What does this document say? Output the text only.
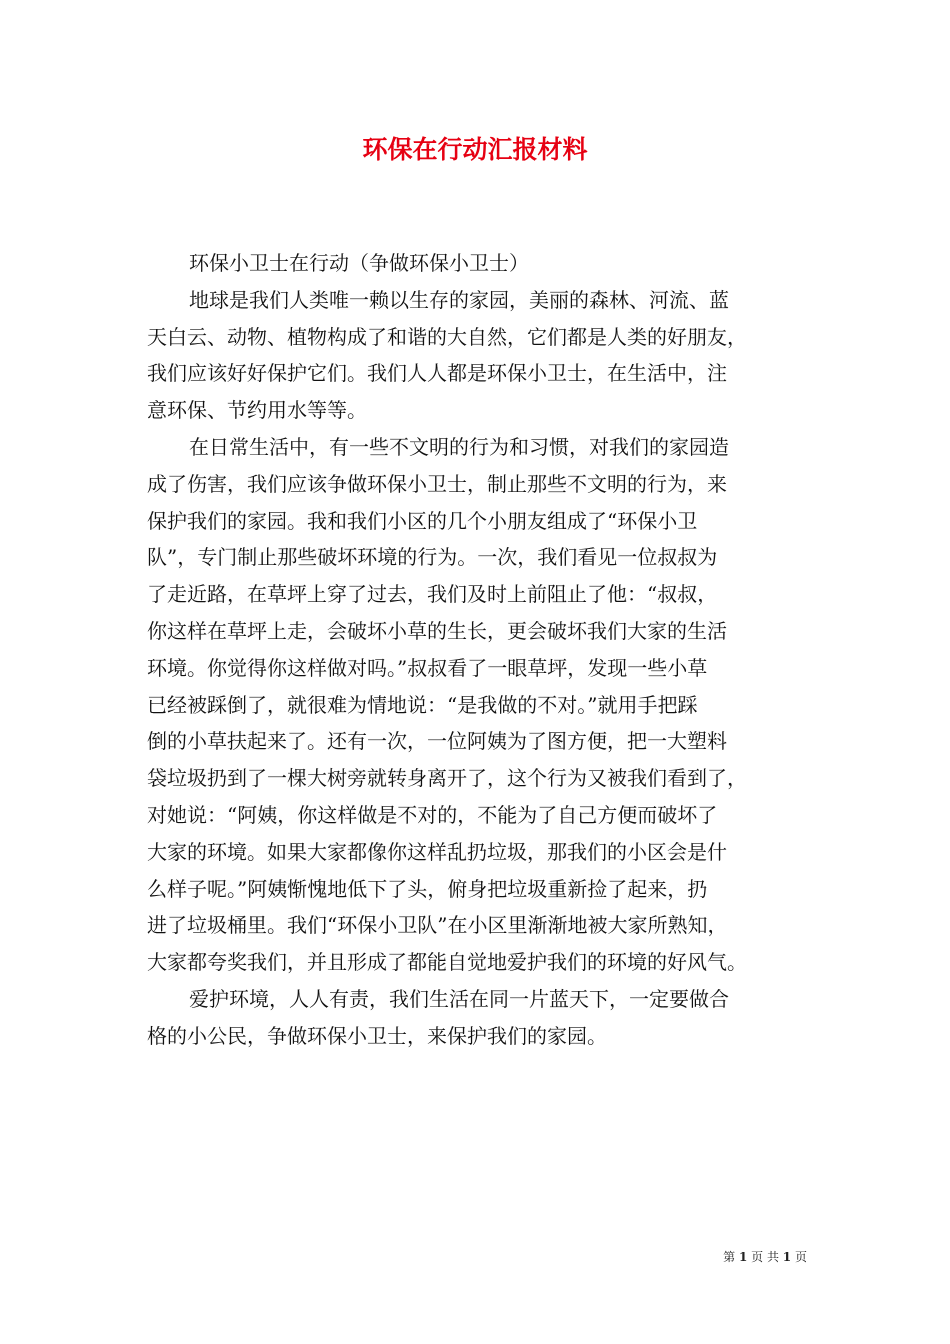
环保在行动汇报材料
环保小卫士在行动（争做环保小卫士）
地球是我们人类唯一赖以生存的家园，美丽的森林、河流、蓝
天白云、动物、植物构成了和谐的大自然，它们都是人类的好朋友，
我们应该好好保护它们。我们人人都是环保小卫士，在生活中，注
意环保、节约用水等等。
在日常生活中，有一些不文明的行为和习惯，对我们的家园造
成了伤害，我们应该争做环保小卫士，制止那些不文明的行为，来
保护我们的家园。我和我们小区的几个小朋友组成了“环保小卫
队”，专门制止那些破坏环境的行为。一次，我们看见一位叔叔为
了走近路，在草坪上穿了过去，我们及时上前阻止了他：“叔叔，
你这样在草坪上走，会破坏小草的生长，更会破坏我们大家的生活
环境。你觉得你这样做对吗。”叔叔看了一眼草坪，发现一些小草
已经被踩倒了，就很难为情地说：“是我做的不对。”就用手把踩
倒的小草扶起来了。还有一次，一位阿姨为了图方便，把一大塑料
袋垃圾扔到了一棵大树旁就转身离开了，这个行为又被我们看到了，
对她说：“阿姨，你这样做是不对的，不能为了自己方便而破坏了
大家的环境。如果大家都像你这样乱扔垃圾，那我们的小区会是什
么样子呢。”阿姨惭愧地低下了头，俯身把垃圾重新捡了起来，扔
进了垃圾桶里。我们“环保小卫队”在小区里渐渐地被大家所熟知，
大家都夸奖我们，并且形成了都能自觉地爱护我们的环境的好风气。
爱护环境，人人有责，我们生活在同一片蓝天下，一定要做合
格的小公民，争做环保小卫士，来保护我们的家园。
第 1 页 共 1 页
